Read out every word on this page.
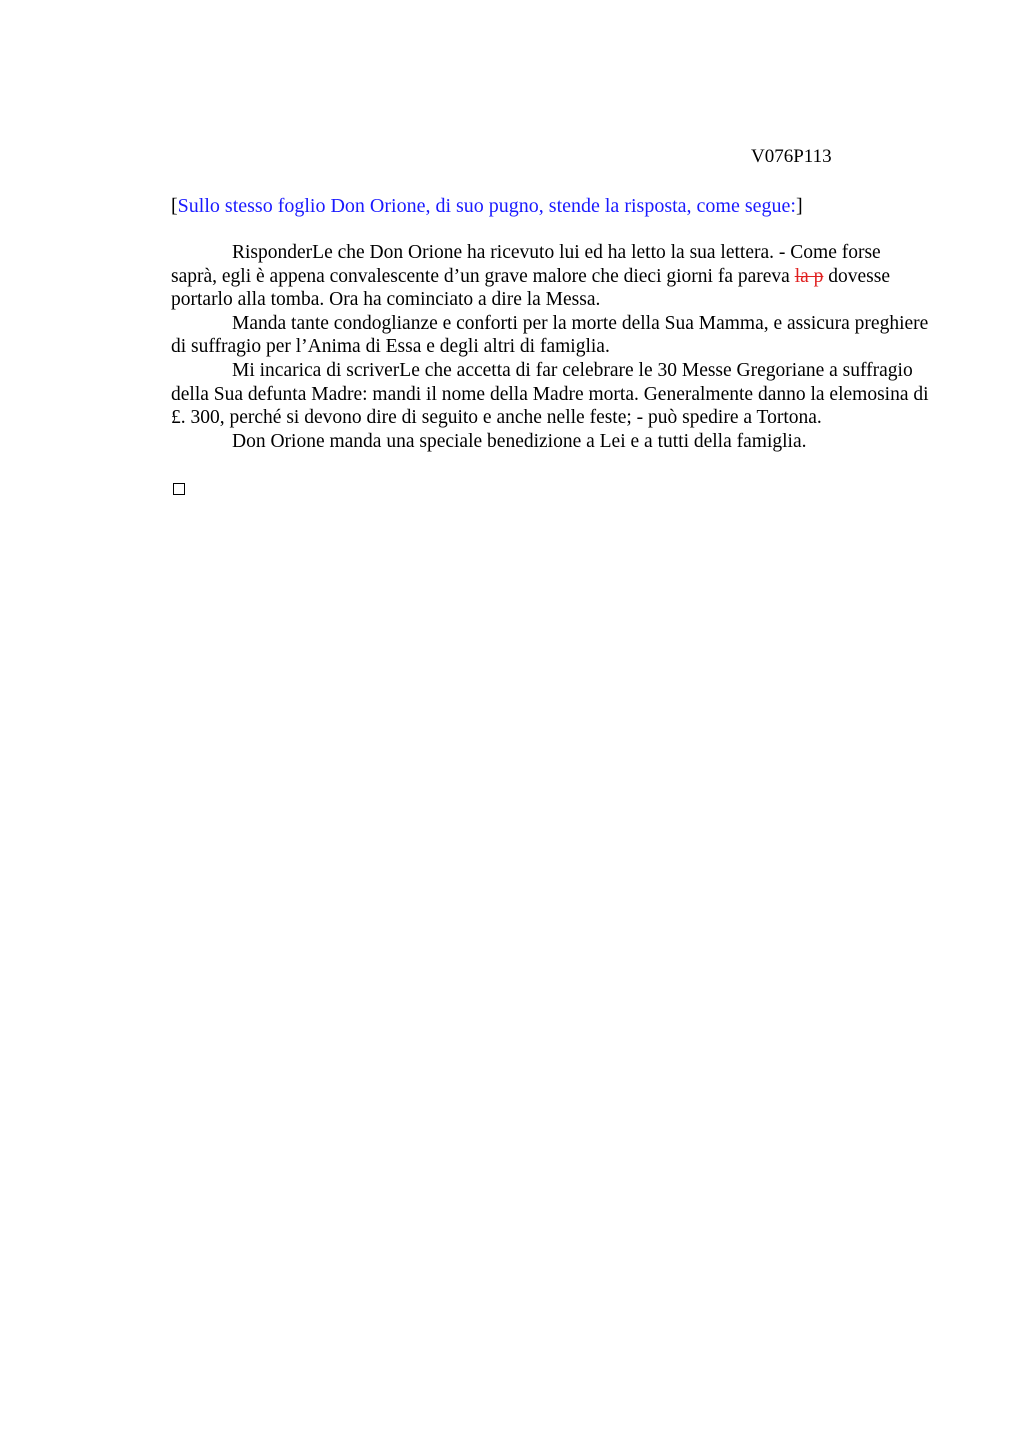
V076P113
[Sullo stesso foglio Don Orione, di suo pugno, stende la risposta, come segue:]

RisponderLe che Don Orione ha ricevuto lui ed ha letto la sua lettera. - Come forse saprà, egli è appena convalescente d’un grave malore che dieci giorni fa pareva la p dovesse portarlo alla tomba. Ora ha cominciato a dire la Messa.

Manda tante condoglianze e conforti per la morte della Sua Mamma, e assicura preghiere di suffragio per l’Anima di Essa e degli altri di famiglia.

Mi incarica di scriverLe che accetta di far celebrare le 30 Messe Gregoriane a suffragio della Sua defunta Madre: mandi il nome della Madre morta. Generalmente danno la elemosina di £. 300, perché si devono dire di seguito e anche nelle feste; - può spedire a Tortona.

Don Orione manda una speciale benedizione a Lei e a tutti della famiglia.
